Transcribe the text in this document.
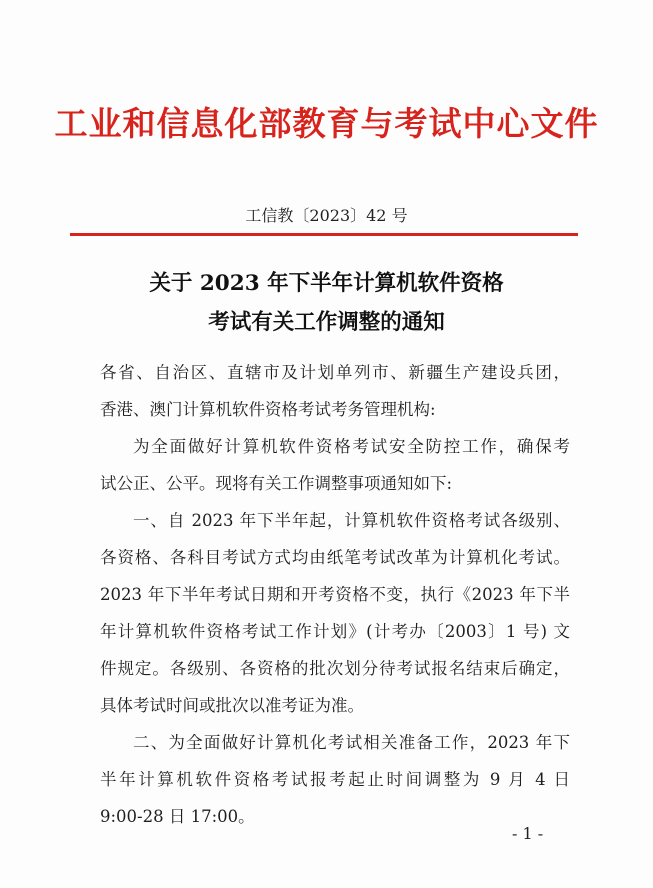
工业和信息化部教育与考试中心文件
工信教〔2023〕42 号
关于 2023 年下半年计算机软件资格
考试有关工作调整的通知
各省、自治区、直辖市及计划单列市、新疆生产建设兵团，
香港、澳门计算机软件资格考试考务管理机构:
为全面做好计算机软件资格考试安全防控工作，确保考
试公正、公平。现将有关工作调整事项通知如下:
一、自 2023 年下半年起，计算机软件资格考试各级别、
各资格、各科目考试方式均由纸笔考试改革为计算机化考试。
2023 年下半年考试日期和开考资格不变，执行《2023 年下半
年计算机软件资格考试工作计划》(计考办〔2003〕1 号) 文
件规定。各级别、各资格的批次划分待考试报名结束后确定，
具体考试时间或批次以准考证为准。
二、为全面做好计算机化考试相关准备工作，2023 年下
半年计算机软件资格考试报考起止时间调整为 9 月 4 日
9:00-28 日 17:00。
- 1 -
